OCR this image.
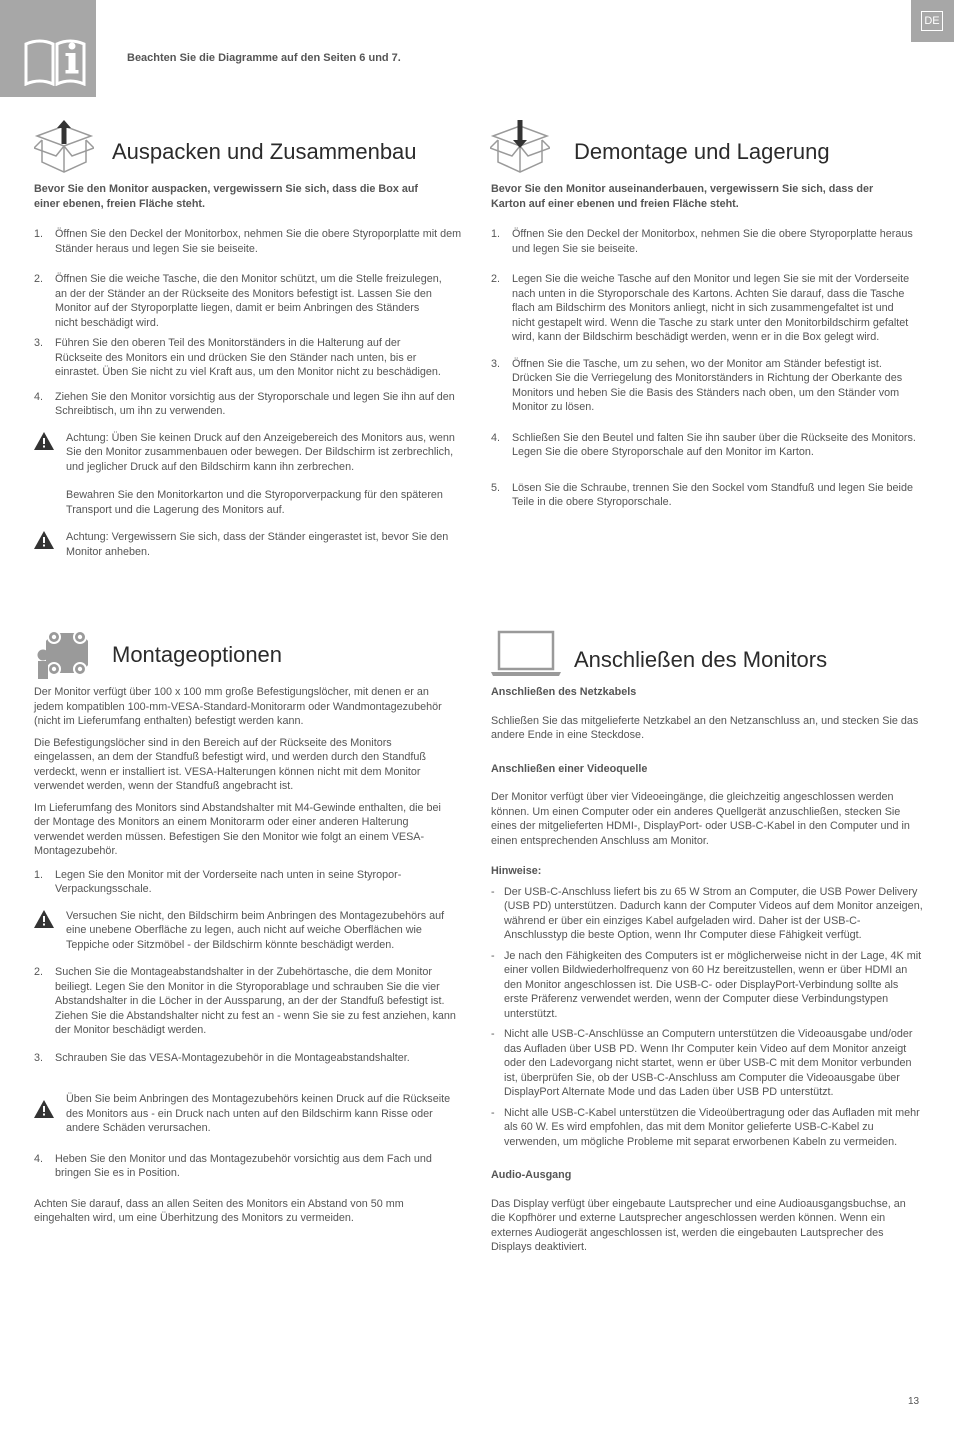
Beachten Sie die Diagramme auf den Seiten 6 und 7.
DE
Auspacken und Zusammenbau
Bevor Sie den Monitor auspacken, vergewissern Sie sich, dass die Box auf einer ebenen, freien Fläche steht.
1. Öffnen Sie den Deckel der Monitorbox, nehmen Sie die obere Styroporplatte mit dem Ständer heraus und legen Sie sie beiseite.
2. Öffnen Sie die weiche Tasche, die den Monitor schützt, um die Stelle freizulegen, an der der Ständer an der Rückseite des Monitors befestigt ist. Lassen Sie den Monitor auf der Styroporplatte liegen, damit er beim Anbringen des Ständers nicht beschädigt wird.
3. Führen Sie den oberen Teil des Monitorständers in die Halterung auf der Rückseite des Monitors ein und drücken Sie den Ständer nach unten, bis er einrastet. Üben Sie nicht zu viel Kraft aus, um den Monitor nicht zu beschädigen.
4. Ziehen Sie den Monitor vorsichtig aus der Styroporschale und legen Sie ihn auf den Schreibtisch, um ihn zu verwenden.
Achtung: Üben Sie keinen Druck auf den Anzeigebereich des Monitors aus, wenn Sie den Monitor zusammenbauen oder bewegen. Der Bildschirm ist zerbrechlich, und jeglicher Druck auf den Bildschirm kann ihn zerbrechen.
Bewahren Sie den Monitorkarton und die Styroporverpackung für den späteren Transport und die Lagerung des Monitors auf.
Achtung: Vergewissern Sie sich, dass der Ständer eingerastet ist, bevor Sie den Monitor anheben.
Demontage und Lagerung
Bevor Sie den Monitor auseinanderbauen, vergewissern Sie sich, dass der Karton auf einer ebenen und freien Fläche steht.
1. Öffnen Sie den Deckel der Monitorbox, nehmen Sie die obere Styroporplatte heraus und legen Sie sie beiseite.
2. Legen Sie die weiche Tasche auf den Monitor und legen Sie sie mit der Vorderseite nach unten in die Styroporschale des Kartons. Achten Sie darauf, dass die Tasche flach am Bildschirm des Monitors anliegt, nicht in sich zusammengefaltet ist und nicht gestapelt wird. Wenn die Tasche zu stark unter den Monitorbildschirm gefaltet wird, kann der Bildschirm beschädigt werden, wenn er in die Box gelegt wird.
3. Öffnen Sie die Tasche, um zu sehen, wo der Monitor am Ständer befestigt ist. Drücken Sie die Verriegelung des Monitorständers in Richtung der Oberkante des Monitors und heben Sie die Basis des Ständers nach oben, um den Ständer vom Monitor zu lösen.
4. Schließen Sie den Beutel und falten Sie ihn sauber über die Rückseite des Monitors. Legen Sie die obere Styroporschale auf den Monitor im Karton.
5. Lösen Sie die Schraube, trennen Sie den Sockel vom Standfuß und legen Sie beide Teile in die obere Styroporschale.
Montageoptionen
Der Monitor verfügt über 100 x 100 mm große Befestigungslöcher, mit denen er an jedem kompatiblen 100-mm-VESA-Standard-Monitorarm oder Wandmontagezubehör (nicht im Lieferumfang enthalten) befestigt werden kann.
Die Befestigungslöcher sind in den Bereich auf der Rückseite des Monitors eingelassen, an dem der Standfuß befestigt wird, und werden durch den Standfuß verdeckt, wenn er installiert ist. VESA-Halterungen können nicht mit dem Monitor verwendet werden, wenn der Standfuß angebracht ist.
Im Lieferumfang des Monitors sind Abstandshalter mit M4-Gewinde enthalten, die bei der Montage des Monitors an einem Monitorarm oder einer anderen Halterung verwendet werden müssen. Befestigen Sie den Monitor wie folgt an einem VESA-Montagezubehör.
1. Legen Sie den Monitor mit der Vorderseite nach unten in seine Styropor-Verpackungsschale.
Versuchen Sie nicht, den Bildschirm beim Anbringen des Montagezubehörs auf eine unebene Oberfläche zu legen, auch nicht auf weiche Oberflächen wie Teppiche oder Sitzmöbel - der Bildschirm könnte beschädigt werden.
2. Suchen Sie die Montageabstandshalter in der Zubehörtasche, die dem Monitor beiliegt. Legen Sie den Monitor in die Styroporablage und schrauben Sie die vier Abstandshalter in die Löcher in der Aussparung, an der der Standfuß befestigt ist. Ziehen Sie die Abstandshalter nicht zu fest an - wenn Sie sie zu fest anziehen, kann der Monitor beschädigt werden.
3. Schrauben Sie das VESA-Montagezubehör in die Montageabstandshalter.
Üben Sie beim Anbringen des Montagezubehörs keinen Druck auf die Rückseite des Monitors aus - ein Druck nach unten auf den Bildschirm kann Risse oder andere Schäden verursachen.
4. Heben Sie den Monitor und das Montagezubehör vorsichtig aus dem Fach und bringen Sie es in Position.
Achten Sie darauf, dass an allen Seiten des Monitors ein Abstand von 50 mm eingehalten wird, um eine Überhitzung des Monitors zu vermeiden.
Anschließen des Monitors
Anschließen des Netzkabels
Schließen Sie das mitgelieferte Netzkabel an den Netzanschluss an, und stecken Sie das andere Ende in eine Steckdose.
Anschließen einer Videoquelle
Der Monitor verfügt über vier Videoeingänge, die gleichzeitig angeschlossen werden können. Um einen Computer oder ein anderes Quellgerät anzuschließen, stecken Sie eines der mitgelieferten HDMI-, DisplayPort- oder USB-C-Kabel in den Computer und in einen entsprechenden Anschluss am Monitor.
Hinweise:
- Der USB-C-Anschluss liefert bis zu 65 W Strom an Computer, die USB Power Delivery (USB PD) unterstützen. Dadurch kann der Computer Videos auf dem Monitor anzeigen, während er über ein einziges Kabel aufgeladen wird. Daher ist der USB-C-Anschlusstyp die beste Option, wenn Ihr Computer diese Fähigkeit verfügt.
- Je nach den Fähigkeiten des Computers ist er möglicherweise nicht in der Lage, 4K mit einer vollen Bildwiederholfrequenz von 60 Hz bereitzustellen, wenn er über HDMI an den Monitor angeschlossen ist. Die USB-C- oder DisplayPort-Verbindung sollte als erste Präferenz verwendet werden, wenn der Computer diese Verbindungstypen unterstützt.
- Nicht alle USB-C-Anschlüsse an Computern unterstützen die Videoausgabe und/oder das Aufladen über USB PD. Wenn Ihr Computer kein Video auf dem Monitor anzeigt oder den Ladevorgang nicht startet, wenn er über USB-C mit dem Monitor verbunden ist, überprüfen Sie, ob der USB-C-Anschluss am Computer die Videoausgabe über DisplayPort Alternate Mode und das Laden über USB PD unterstützt.
- Nicht alle USB-C-Kabel unterstützen die Videoübertragung oder das Aufladen mit mehr als 60 W. Es wird empfohlen, das mit dem Monitor gelieferte USB-C-Kabel zu verwenden, um mögliche Probleme mit separat erworbenen Kabeln zu vermeiden.
Audio-Ausgang
Das Display verfügt über eingebaute Lautsprecher und eine Audioausgangsbuchse, an die Kopfhörer und externe Lautsprecher angeschlossen werden können. Wenn ein externes Audiogerät angeschlossen ist, werden die eingebauten Lautsprecher des Displays deaktiviert.
13
